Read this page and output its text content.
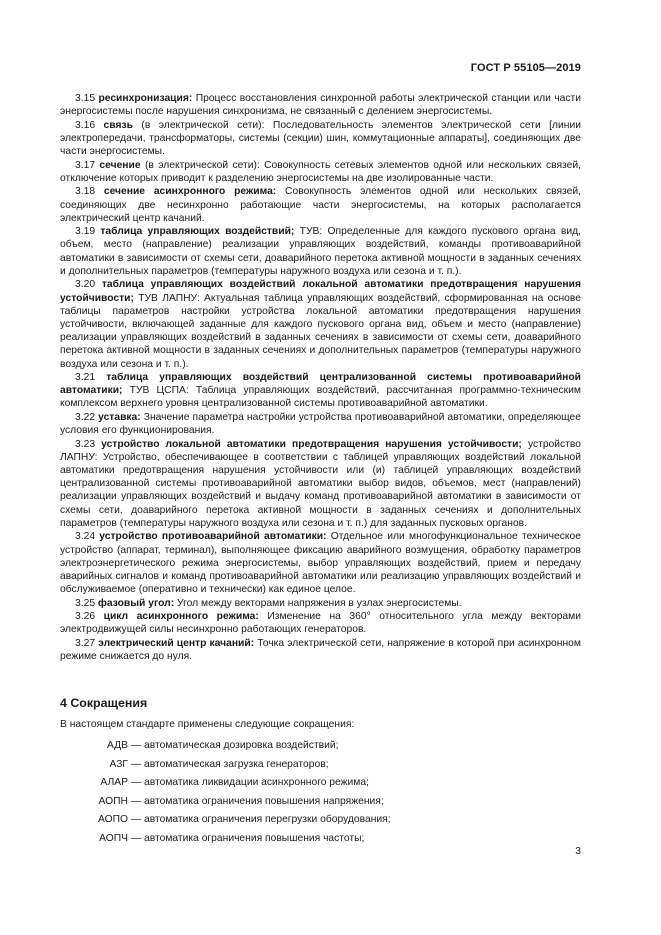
ГОСТ Р 55105—2019

3.15 ресинхронизация: Процесс восстановления синхронной работы электрической станции или части энергосистемы после нарушения синхронизма, не связанный с делением энергосистемы.

3.16 связь (в электрической сети): Последовательность элементов электрической сети [линии электропередачи, трансформаторы, системы (секции) шин, коммутационные аппараты], соединяющих две части энергосистемы.

3.17 сечение (в электрической сети): Совокупность сетевых элементов одной или нескольких связей, отключение которых приводит к разделению энергосистемы на две изолированные части.

3.18 сечение асинхронного режима: Совокупность элементов одной или нескольких связей, соединяющих две несинхронно работающие части энергосистемы, на которых располагается электрический центр качаний.

3.19 таблица управляющих воздействий; ТУВ: Определенные для каждого пускового органа вид, объем, место (направление) реализации управляющих воздействий, команды противоаварийной автоматики в зависимости от схемы сети, доаварийного перетока активной мощности в заданных сечениях и дополнительных параметров (температуры наружного воздуха или сезона и т. п.).

3.20 таблица управляющих воздействий локальной автоматики предотвращения нарушения устойчивости; ТУВ ЛАПНУ: Актуальная таблица управляющих воздействий, сформированная на основе таблицы параметров настройки устройства локальной автоматики предотвращения нарушения устойчивости, включающей заданные для каждого пускового органа вид, объем и место (направление) реализации управляющих воздействий в заданных сечениях в зависимости от схемы сети, доаварийного перетока активной мощности в заданных сечениях и дополнительных параметров (температуры наружного воздуха или сезона и т. п.).

3.21 таблица управляющих воздействий централизованной системы противоаварийной автоматики; ТУВ ЦСПА: Таблица управляющих воздействий, рассчитанная программно-техническим комплексом верхнего уровня централизованной системы противоаварийной автоматики.

3.22 уставка: Значение параметра настройки устройства противоаварийной автоматики, определяющее условия его функционирования.

3.23 устройство локальной автоматики предотвращения нарушения устойчивости; устройство ЛАПНУ: Устройство, обеспечивающее в соответствии с таблицей управляющих воздействий локальной автоматики предотвращения нарушения устойчивости или (и) таблицей управляющих воздействий централизованной системы противоаварийной автоматики выбор видов, объемов, мест (направлений) реализации управляющих воздействий и выдачу команд противоаварийной автоматики в зависимости от схемы сети, доаварийного перетока активной мощности в заданных сечениях и дополнительных параметров (температуры наружного воздуха или сезона и т. п.) для заданных пусковых органов.

3.24 устройство противоаварийной автоматики: Отдельное или многофункциональное техническое устройство (аппарат, терминал), выполняющее фиксацию аварийного возмущения, обработку параметров электроэнергетического режима энергосистемы, выбор управляющих воздействий, прием и передачу аварийных сигналов и команд противоаварийной автоматики или реализацию управляющих воздействий и обслуживаемое (оперативно и технически) как единое целое.

3.25 фазовый угол: Угол между векторами напряжения в узлах энергосистемы.

3.26 цикл асинхронного режима: Изменение на 360° относительного угла между векторами электродвижущей силы несинхронно работающих генераторов.

3.27 электрический центр качаний: Точка электрической сети, напряжение в которой при асинхронном режиме снижается до нуля.

4 Сокращения
В настоящем стандарте применены следующие сокращения:
АДВ — автоматическая дозировка воздействий;
АЗГ — автоматическая загрузка генераторов;
АЛАР — автоматика ликвидации асинхронного режима;
АОПН — автоматика ограничения повышения напряжения;
АОПО — автоматика ограничения перегрузки оборудования;
АОПЧ — автоматика ограничения повышения частоты;
3
